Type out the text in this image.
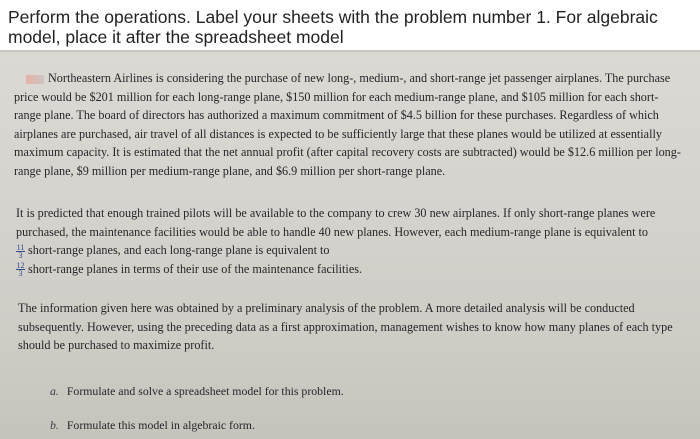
Perform the operations. Label your sheets with the problem number 1. For algebraic model, place it after the spreadsheet model
Northeastern Airlines is considering the purchase of new long-, medium-, and short-range jet passenger airplanes. The purchase price would be $201 million for each long-range plane, $150 million for each medium-range plane, and $105 million for each short-range plane. The board of directors has authorized a maximum commitment of $4.5 billion for these purchases. Regardless of which airplanes are purchased, air travel of all distances is expected to be sufficiently large that these planes would be utilized at essentially maximum capacity. It is estimated that the net annual profit (after capital recovery costs are subtracted) would be $12.6 million per long-range plane, $9 million per medium-range plane, and $6.9 million per short-range plane.
It is predicted that enough trained pilots will be available to the company to crew 30 new airplanes. If only short-range planes were purchased, the maintenance facilities would be able to handle 40 new planes. However, each medium-range plane is equivalent to

$\frac{11}{3}$ short-range planes, and each long-range plane is equivalent to

$\frac{12}{3}$ short-range planes in terms of their use of the maintenance facilities.
The information given here was obtained by a preliminary analysis of the problem. A more detailed analysis will be conducted subsequently. However, using the preceding data as a first approximation, management wishes to know how many planes of each type should be purchased to maximize profit.
a. Formulate and solve a spreadsheet model for this problem.
b. Formulate this model in algebraic form.
